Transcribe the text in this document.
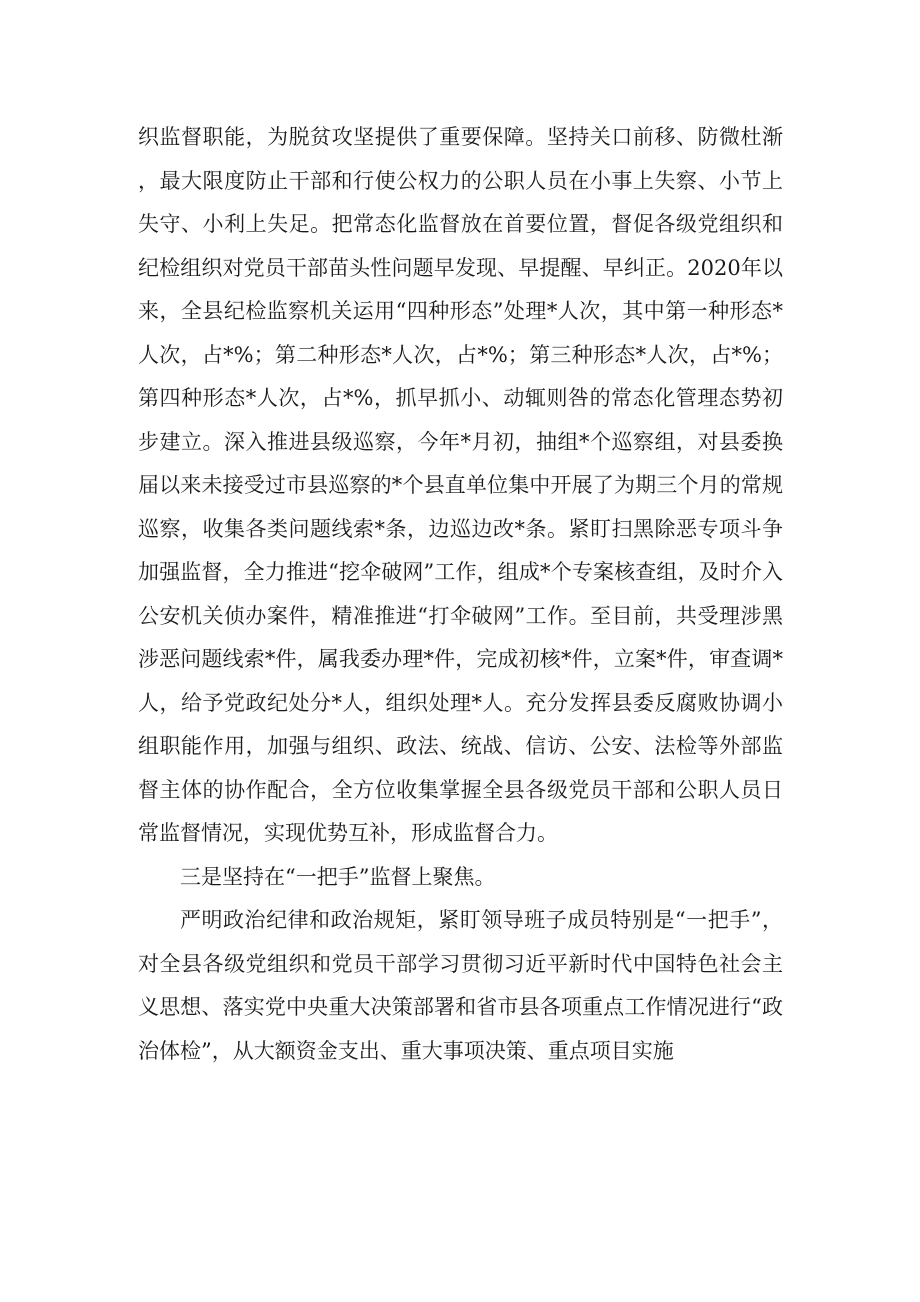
织监督职能，为脱贫攻坚提供了重要保障。坚持关口前移、防微杜渐，最大限度防止干部和行使公权力的公职人员在小事上失察、小节上失守、小利上失足。把常态化监督放在首要位置，督促各级党组织和纪检组织对党员干部苗头性问题早发现、早提醒、早纠正。2020年以来，全县纪检监察机关运用“四种形态”处理*人次，其中第一种形态*人次，占*%；第二种形态*人次，占*%；第三种形态*人次，占*%；第四种形态*人次，占*%，抓早抓小、动辄则咎的常态化管理态势初步建立。深入推进县级巡察，今年*月初，抽组*个巡察组，对县委换届以来未接受过市县巡察的*个县直单位集中开展了为期三个月的常规巡察，收集各类问题线索*条，边巡边改*条。紧盯扫黑除恶专项斗争加强监督，全力推进“挖伞破网”工作，组成*个专案核查组，及时介入公安机关侦办案件，精准推进“打伞破网”工作。至目前，共受理涉黑涉恶问题线索*件，属我委办理*件，完成初核*件，立案*件，审查调*人，给予党政纪处分*人，组织处理*人。充分发挥县委反腐败协调小组职能作用，加强与组织、政法、统战、信访、公安、法检等外部监督主体的协作配合，全方位收集掌握全县各级党员干部和公职人员日常监督情况，实现优势互补，形成监督合力。

三是坚持在“一把手”监督上聚焦。

严明政治纪律和政治规矩，紧盯领导班子成员特别是“一把手”，对全县各级党组织和党员干部学习贯彻习近平新时代中国特色社会主义思想、落实党中央重大决策部署和省市县各项重点工作情况进行“政治体检”，从大额资金支出、重大事项决策、重点项目实施
